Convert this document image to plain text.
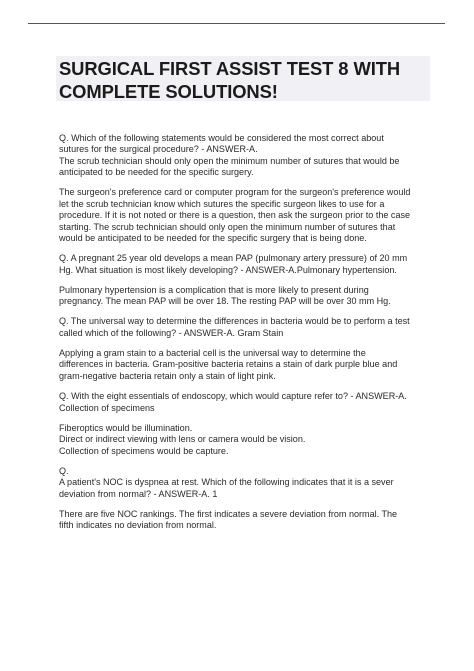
SURGICAL FIRST ASSIST TEST 8 WITH
COMPLETE SOLUTIONS!

Q. Which of the following statements would be considered the most correct about
sutures for the surgical procedure? - ANSWER-A.
The scrub technician should only open the minimum number of sutures that would be
anticipated to be needed for the specific surgery.

The surgeon's preference card or computer program for the surgeon's preference would
let the scrub technician know which sutures the specific surgeon likes to use for a
procedure. If it is not noted or there is a question, then ask the surgeon prior to the case
starting. The scrub technician should only open the minimum number of sutures that
would be anticipated to be needed for the specific surgery that is being done.

Q. A pregnant 25 year old develops a mean PAP (pulmonary artery pressure) of 20 mm
Hg. What situation is most likely developing? - ANSWER-A.Pulmonary hypertension.

Pulmonary hypertension is a complication that is more likely to present during
pregnancy. The mean PAP will be over 18. The resting PAP will be over 30 mm Hg.

Q. The universal way to determine the differences in bacteria would be to perform a test
called which of the following? - ANSWER-A. Gram Stain

Applying a gram stain to a bacterial cell is the universal way to determine the
differences in bacteria. Gram-positive bacteria retains a stain of dark purple blue and
gram-negative bacteria retain only a stain of light pink.

Q. With the eight essentials of endoscopy, which would capture refer to? - ANSWER-A.
Collection of specimens

Fiberoptics would be illumination.
Direct or indirect viewing with lens or camera would be vision.
Collection of specimens would be capture.

Q.
A patient's NOC is dyspnea at rest. Which of the following indicates that it is a sever
deviation from normal? - ANSWER-A. 1

There are five NOC rankings. The first indicates a severe deviation from normal. The
fifth indicates no deviation from normal.
